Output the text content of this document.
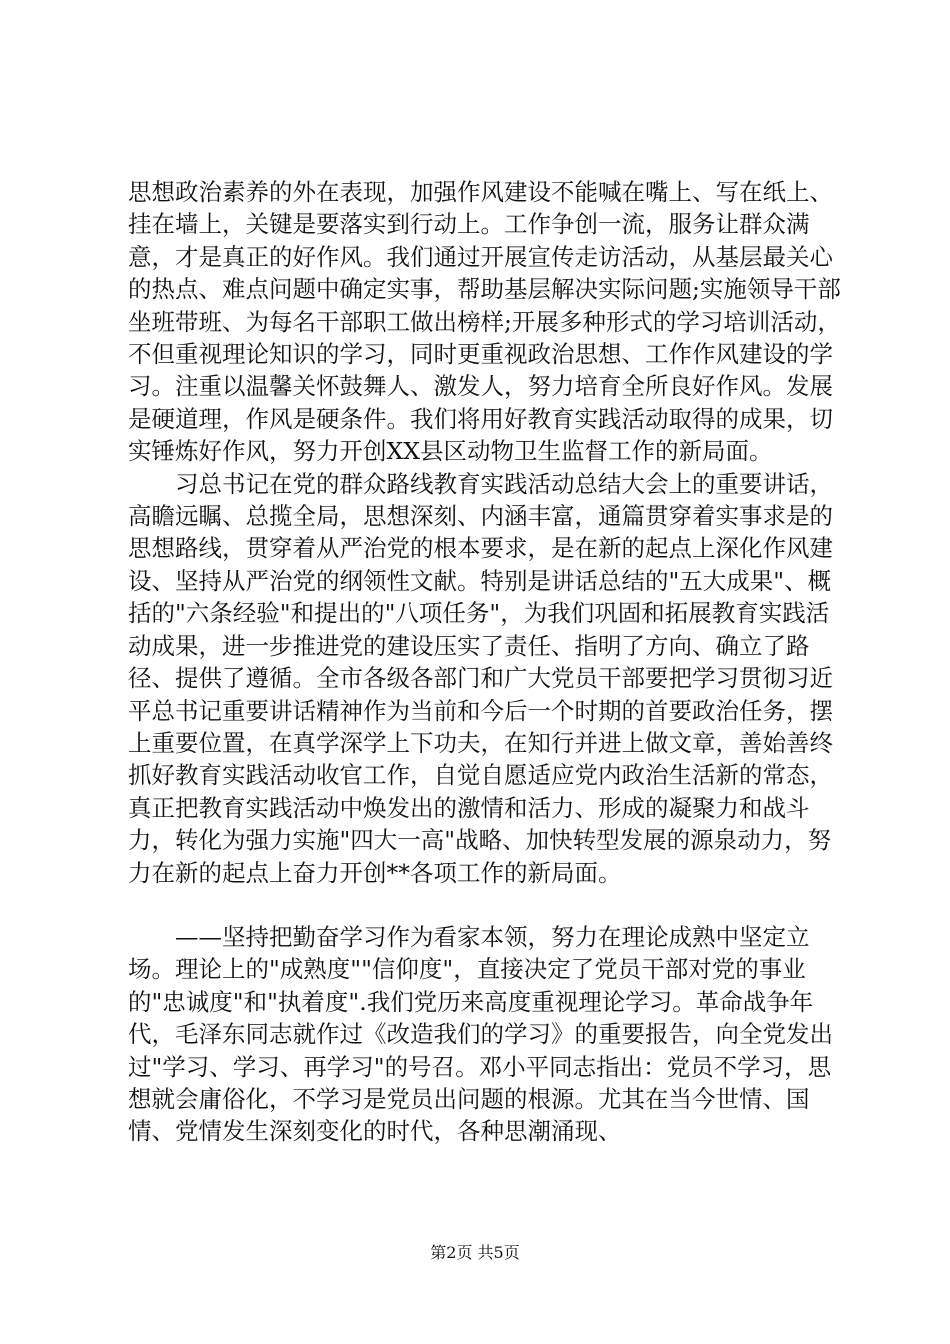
思想政治素养的外在表现，加强作风建设不能喊在嘴上、写在纸上、挂在墙上，关键是要落实到行动上。工作争创一流，服务让群众满意，才是真正的好作风。我们通过开展宣传走访活动，从基层最关心的热点、难点问题中确定实事，帮助基层解决实际问题;实施领导干部坐班带班、为每名干部职工做出榜样;开展多种形式的学习培训活动，不但重视理论知识的学习，同时更重视政治思想、工作作风建设的学习。注重以温馨关怀鼓舞人、激发人，努力培育全所良好作风。发展是硬道理，作风是硬条件。我们将用好教育实践活动取得的成果，切实锤炼好作风，努力开创XX县区动物卫生监督工作的新局面。

习总书记在党的群众路线教育实践活动总结大会上的重要讲话，高瞻远瞩、总揽全局，思想深刻、内涵丰富，通篇贯穿着实事求是的思想路线，贯穿着从严治党的根本要求，是在新的起点上深化作风建设、坚持从严治党的纲领性文献。特别是讲话总结的"五大成果"、概括的"六条经验"和提出的"八项任务"，为我们巩固和拓展教育实践活动成果，进一步推进党的建设压实了责任、指明了方向、确立了路径、提供了遵循。全市各级各部门和广大党员干部要把学习贯彻习近平总书记重要讲话精神作为当前和今后一个时期的首要政治任务，摆上重要位置，在真学深学上下功夫，在知行并进上做文章，善始善终抓好教育实践活动收官工作，自觉自愿适应党内政治生活新的常态，真正把教育实践活动中焕发出的激情和活力、形成的凝聚力和战斗力，转化为强力实施"四大一高"战略、加快转型发展的源泉动力，努力在新的起点上奋力开创**各项工作的新局面。

——坚持把勤奋学习作为看家本领，努力在理论成熟中坚定立场。理论上的"成熟度""信仰度"，直接决定了党员干部对党的事业的"忠诚度"和"执着度".我们党历来高度重视理论学习。革命战争年代，毛泽东同志就作过《改造我们的学习》的重要报告，向全党发出过"学习、学习、再学习"的号召。邓小平同志指出：党员不学习，思想就会庸俗化，不学习是党员出问题的根源。尤其在当今世情、国情、党情发生深刻变化的时代，各种思潮涌现、

第2页 共5页
